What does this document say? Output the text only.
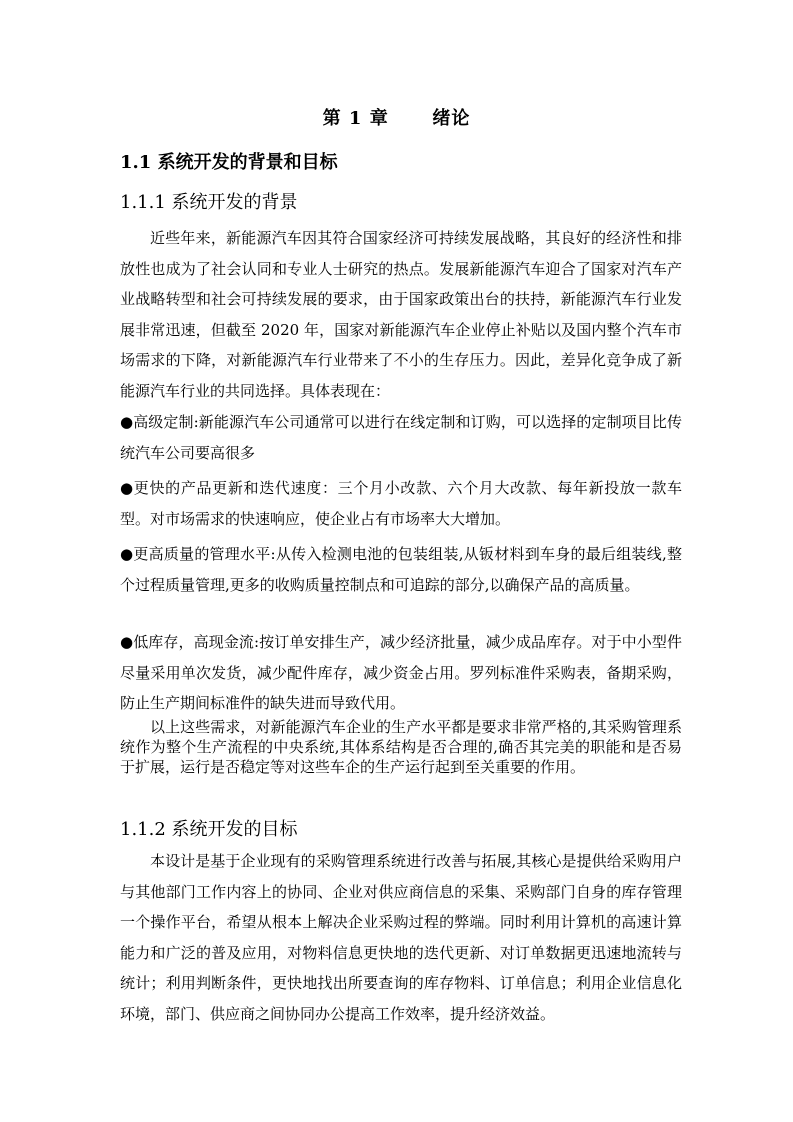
第 1 章      绪论
1.1 系统开发的背景和目标
1.1.1 系统开发的背景

近些年来，新能源汽车因其符合国家经济可持续发展战略，其良好的经济性和排放性也成为了社会认同和专业人士研究的热点。发展新能源汽车迎合了国家对汽车产业战略转型和社会可持续发展的要求，由于国家政策出台的扶持，新能源汽车行业发展非常迅速，但截至 2020 年，国家对新能源汽车企业停止补贴以及国内整个汽车市场需求的下降，对新能源汽车行业带来了不小的生存压力。因此，差异化竞争成了新能源汽车行业的共同选择。具体表现在：

●高级定制:新能源汽车公司通常可以进行在线定制和订购，可以选择的定制项目比传统汽车公司要高很多

●更快的产品更新和迭代速度：三个月小改款、六个月大改款、每年新投放一款车型。对市场需求的快速响应，使企业占有市场率大大增加。

●更高质量的管理水平:从传入检测电池的包装组装,从钣材料到车身的最后组装线,整个过程质量管理,更多的收购质量控制点和可追踪的部分,以确保产品的高质量。

●低库存，高现金流:按订单安排生产，减少经济批量，减少成品库存。对于中小型件尽量采用单次发货，减少配件库存，减少资金占用。罗列标准件采购表，备期采购，防止生产期间标准件的缺失进而导致代用。

以上这些需求，对新能源汽车企业的生产水平都是要求非常严格的,其采购管理系统作为整个生产流程的中央系统,其体系结构是否合理的,确否其完美的职能和是否易于扩展，运行是否稳定等对这些车企的生产运行起到至关重要的作用。

1.1.2 系统开发的目标

本设计是基于企业现有的采购管理系统进行改善与拓展,其核心是提供给采购用户与其他部门工作内容上的协同、企业对供应商信息的采集、采购部门自身的库存管理一个操作平台，希望从根本上解决企业采购过程的弊端。同时利用计算机的高速计算能力和广泛的普及应用，对物料信息更快地的迭代更新、对订单数据更迅速地流转与统计；利用判断条件，更快地找出所要查询的库存物料、订单信息；利用企业信息化环境，部门、供应商之间协同办公提高工作效率，提升经济效益。
